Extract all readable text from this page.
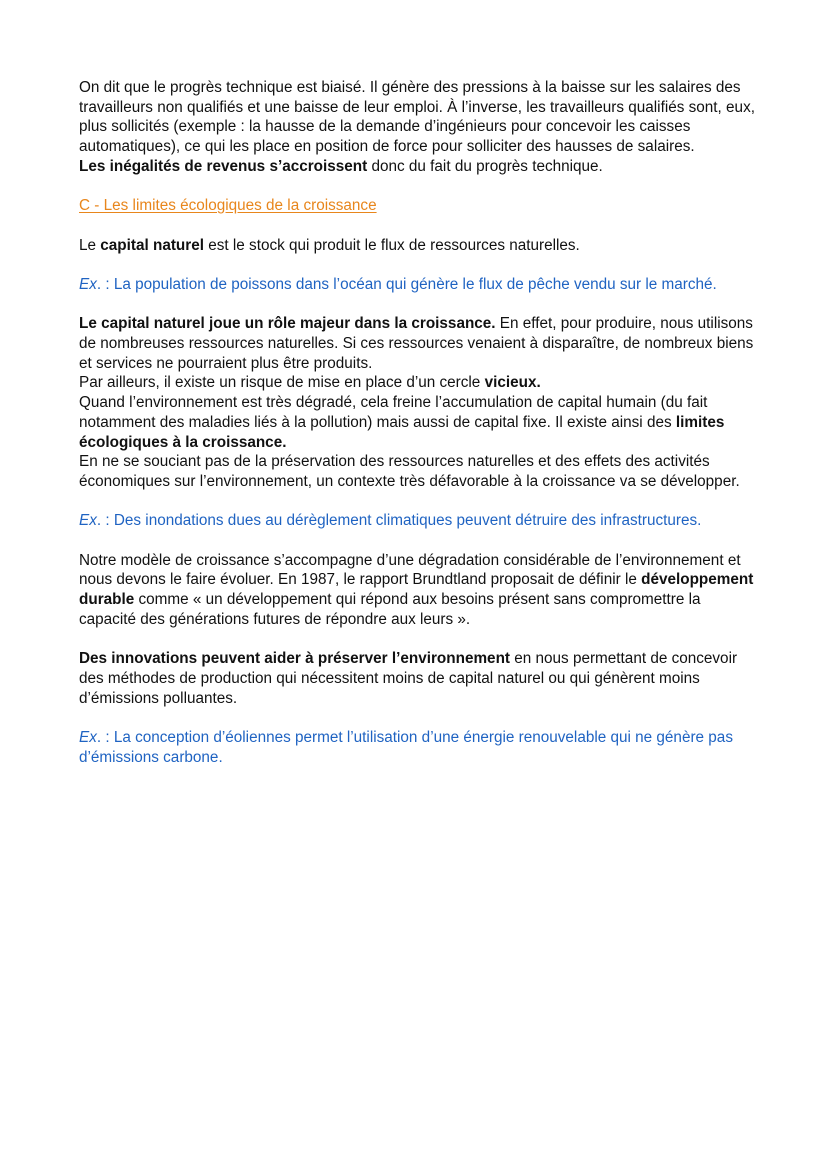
On dit que le progrès technique est biaisé. Il génère des pressions à la baisse sur les salaires des travailleurs non qualifiés et une baisse de leur emploi. À l’inverse, les travailleurs qualifiés sont, eux, plus sollicités (exemple : la hausse de la demande d’ingénieurs pour concevoir les caisses automatiques), ce qui les place en position de force pour solliciter des hausses de salaires.
Les inégalités de revenus s’accroissent donc du fait du progrès technique.

C - Les limites écologiques de la croissance

Le capital naturel est le stock qui produit le flux de ressources naturelles.

Ex. : La population de poissons dans l’océan qui génère le flux de pêche vendu sur le marché.

Le capital naturel joue un rôle majeur dans la croissance. En effet, pour produire, nous utilisons de nombreuses ressources naturelles. Si ces ressources venaient à disparaître, de nombreux biens et services ne pourraient plus être produits.
Par ailleurs, il existe un risque de mise en place d’un cercle vicieux.
Quand l’environnement est très dégradé, cela freine l’accumulation de capital humain (du fait notamment des maladies liés à la pollution) mais aussi de capital fixe. Il existe ainsi des limites écologiques à la croissance.
En ne se souciant pas de la préservation des ressources naturelles et des effets des activités économiques sur l’environnement, un contexte très défavorable à la croissance va se développer.

Ex. : Des inondations dues au dérèglement climatiques peuvent détruire des infrastructures.

Notre modèle de croissance s’accompagne d’une dégradation considérable de l’environnement et nous devons le faire évoluer. En 1987, le rapport Brundtland proposait de définir le développement durable comme « un développement qui répond aux besoins présent sans compromettre la capacité des générations futures de répondre aux leurs ».

Des innovations peuvent aider à préserver l’environnement en nous permettant de concevoir des méthodes de production qui nécessitent moins de capital naturel ou qui génèrent moins d’émissions polluantes.

Ex. : La conception d’éoliennes permet l’utilisation d’une énergie renouvelable qui ne génère pas d’émissions carbone.
